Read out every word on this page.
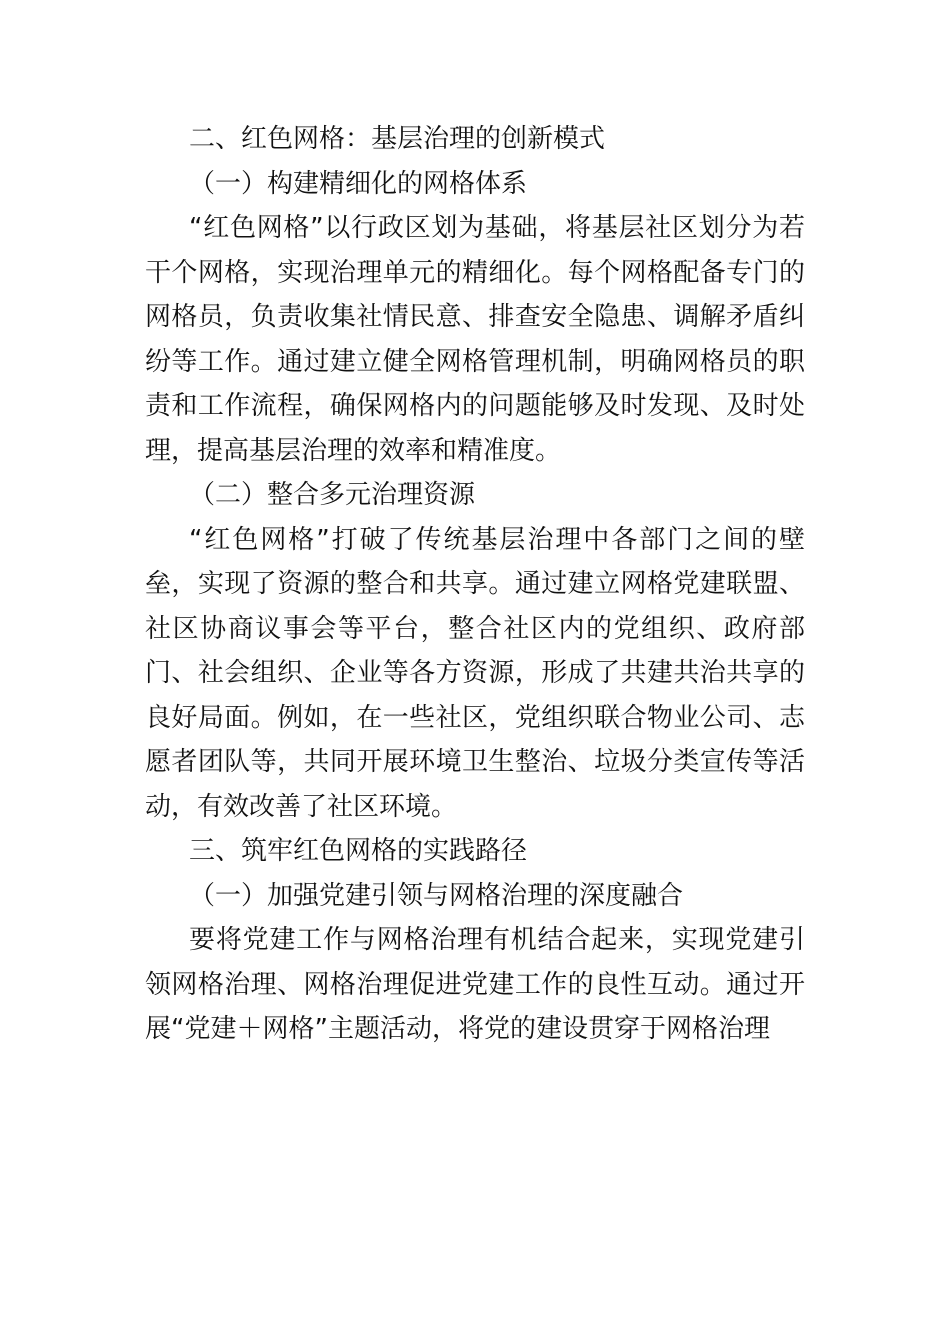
二、红色网格：基层治理的创新模式

（一）构建精细化的网格体系

“红色网格”以行政区划为基础，将基层社区划分为若干个网格，实现治理单元的精细化。每个网格配备专门的网格员，负责收集社情民意、排查安全隐患、调解矛盾纠纷等工作。通过建立健全网格管理机制，明确网格员的职责和工作流程，确保网格内的问题能够及时发现、及时处理，提高基层治理的效率和精准度。

（二）整合多元治理资源

“红色网格”打破了传统基层治理中各部门之间的壁垒，实现了资源的整合和共享。通过建立网格党建联盟、社区协商议事会等平台，整合社区内的党组织、政府部门、社会组织、企业等各方资源，形成了共建共治共享的良好局面。例如，在一些社区，党组织联合物业公司、志愿者团队等，共同开展环境卫生整治、垃圾分类宣传等活动，有效改善了社区环境。

三、筑牢红色网格的实践路径

（一）加强党建引领与网格治理的深度融合

要将党建工作与网格治理有机结合起来，实现党建引领网格治理、网格治理促进党建工作的良性互动。通过开展“党建＋网格”主题活动，将党的建设贯穿于网格治理
